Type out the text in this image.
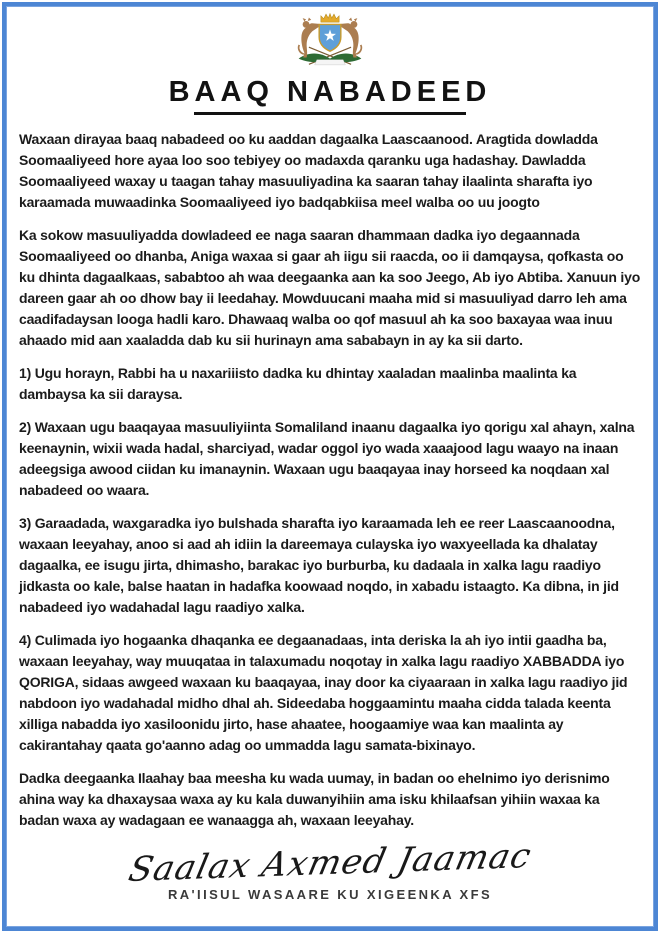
BAAQ NABADEED

Waxaan dirayaa baaq nabadeed oo ku aaddan dagaalka Laascaanood. Aragtida dowladda Soomaaliyeed hore ayaa loo soo tebiyey oo madaxda qaranku uga hadashay. Dawladda Soomaaliyeed waxay u taagan tahay masuuliyadina ka saaran tahay ilaalinta sharafta iyo karaamada muwaadinka Soomaaliyeed iyo badqabkiisa meel walba oo uu joogto

Ka sokow masuuliyadda dowladeed ee naga saaran dhammaan dadka iyo degaannada Soomaaliyeed oo dhanba, Aniga waxaa si gaar ah iigu sii raacda, oo ii damqaysa, qofkasta oo ku dhinta dagaalkaas, sababtoo ah waa deegaanka aan ka soo Jeego, Ab iyo Abtiba. Xanuun iyo dareen gaar ah oo dhow bay ii leedahay. Mowduucani maaha mid si masuuliyad darro leh ama caadifadaysan looga hadli karo. Dhawaaq walba oo qof masuul ah ka soo baxayaa waa inuu ahaado mid aan xaaladda dab ku sii hurinayn ama sababayn in ay ka sii darto.

1) Ugu horayn, Rabbi ha u naxariiisto dadka ku dhintay xaaladan maalinba maalinta ka dambaysa ka sii daraysa.

2) Waxaan ugu baaqayaa masuuliyiinta Somaliland inaanu dagaalka iyo qorigu xal ahayn, xalna keenaynin, wixii wada hadal, sharciyad, wadar oggol iyo wada xaaajood lagu waayo na inaan adeegsiga awood ciidan ku imanaynin. Waxaan ugu baaqayaa inay horseed ka noqdaan xal nabadeed oo waara.

3) Garaadada, waxgaradka iyo bulshada sharafta iyo karaamada leh ee reer Laascaanoodna, waxaan leeyahay, anoo si aad ah idiin la dareemaya culayska iyo waxyeellada ka dhalatay dagaalka, ee isugu jirta, dhimasho, barakac iyo burburba, ku dadaala in xalka lagu raadiyo jidkasta oo kale, balse haatan in hadafka koowaad noqdo, in xabadu istaagto. Ka dibna, in jid nabadeed iyo wadahadal lagu raadiyo xalka.

4) Culimada iyo hogaanka dhaqanka ee degaanadaas, inta deriska la ah iyo intii gaadha ba, waxaan leeyahay, way muuqataa in talaxumadu noqotay in xalka lagu raadiyo XABBADDA iyo QORIGA, sidaas awgeed waxaan ku baaqayaa, inay door ka ciyaaraan in xalka lagu raadiyo jid nabdoon iyo wadahadal midho dhal ah. Sideedaba hoggaamintu maaha cidda talada keenta xilliga nabadda iyo xasiloonidu jirto, hase ahaatee, hoogaamiye waa kan maalinta ay cakirantahay qaata go'aanno adag oo ummadda lagu samata-bixinayo.

Dadka deegaanka Ilaahay baa meesha ku wada uumay, in badan oo ehelnimo iyo derisnimo ahina way ka dhaxaysaa waxa ay ku kala duwanyihiin ama isku khilaafsan yihiin waxaa ka badan waxa ay wadagaan ee wanaagga ah, waxaan leeyahay.

Saalax Axmed Jaamac
RA'IISUL WASAARE KU XIGEENKA XFS
